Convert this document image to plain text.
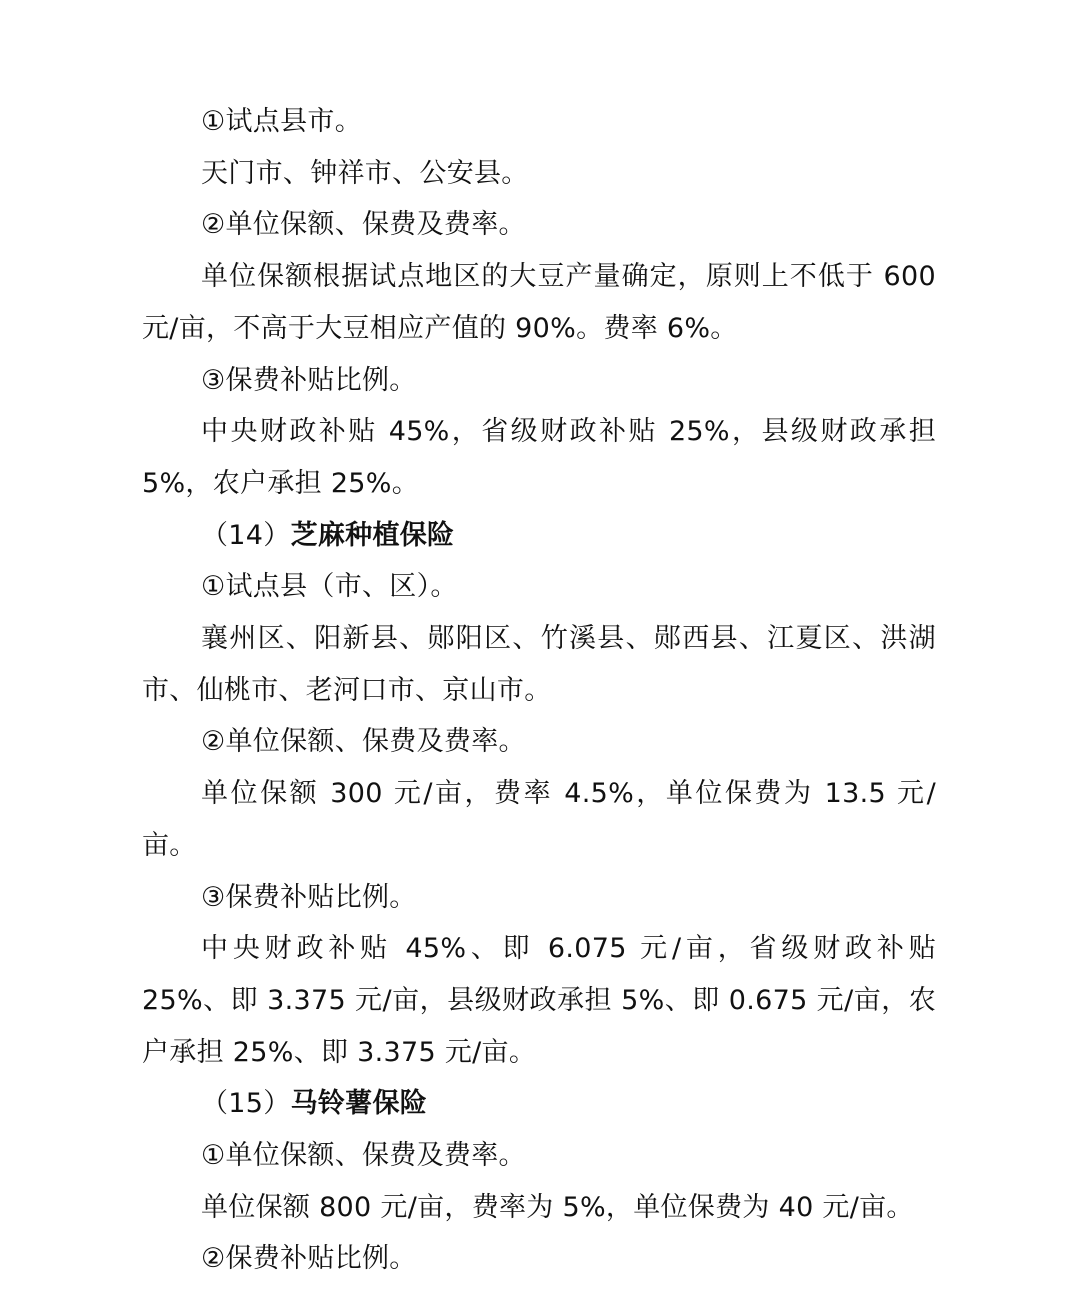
①试点县市。

天门市、钟祥市、公安县。

②单位保额、保费及费率。

单位保额根据试点地区的大豆产量确定，原则上不低于 600 元/亩，不高于大豆相应产值的 90%。费率 6%。

③保费补贴比例。

中央财政补贴 45%，省级财政补贴 25%，县级财政承担 5%，农户承担 25%。

（14）芝麻种植保险

①试点县（市、区）。

襄州区、阳新县、郧阳区、竹溪县、郧西县、江夏区、洪湖市、仙桃市、老河口市、京山市。

②单位保额、保费及费率。

单位保额 300 元/亩，费率 4.5%，单位保费为 13.5 元/亩。

③保费补贴比例。

中央财政补贴 45%、即 6.075 元/亩，省级财政补贴 25%、即 3.375 元/亩，县级财政承担 5%、即 0.675 元/亩，农户承担 25%、即 3.375 元/亩。

（15）马铃薯保险

①单位保额、保费及费率。

单位保额 800 元/亩，费率为 5%，单位保费为 40 元/亩。

②保费补贴比例。
